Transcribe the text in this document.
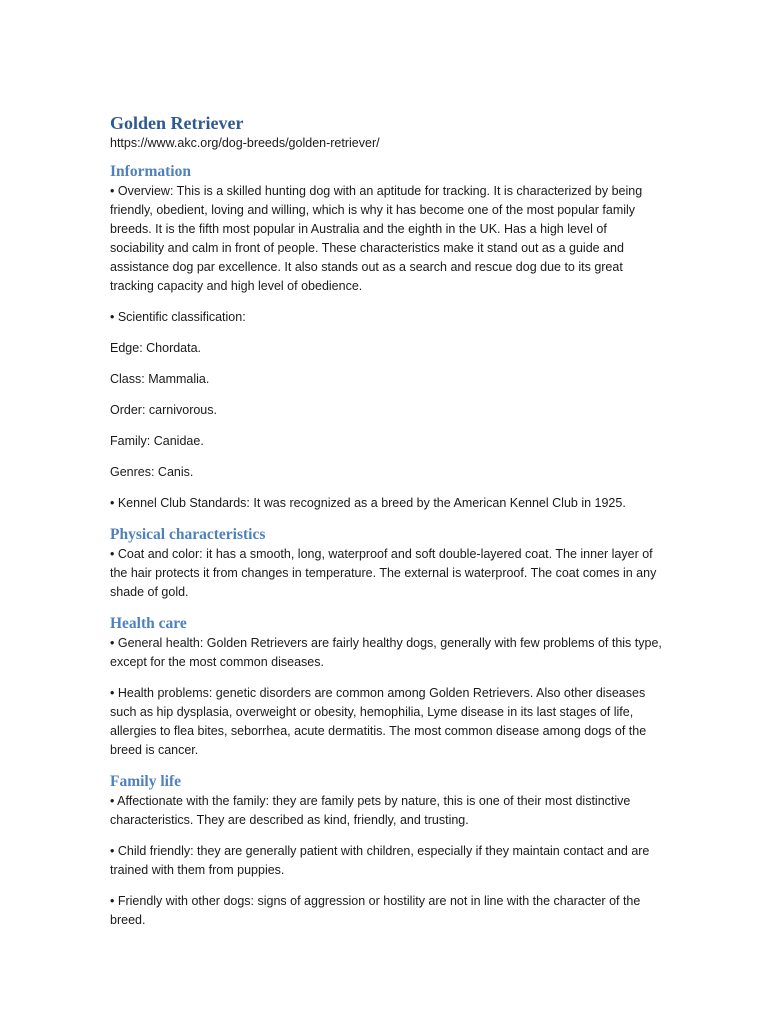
Golden Retriever

https://www.akc.org/dog-breeds/golden-retriever/

Information

• Overview: This is a skilled hunting dog with an aptitude for tracking. It is characterized by being friendly, obedient, loving and willing, which is why it has become one of the most popular family breeds. It is the fifth most popular in Australia and the eighth in the UK. Has a high level of sociability and calm in front of people. These characteristics make it stand out as a guide and assistance dog par excellence. It also stands out as a search and rescue dog due to its great tracking capacity and high level of obedience.

• Scientific classification:

Edge: Chordata.

Class: Mammalia.

Order: carnivorous.

Family: Canidae.

Genres: Canis.

• Kennel Club Standards: It was recognized as a breed by the American Kennel Club in 1925.

Physical characteristics

• Coat and color: it has a smooth, long, waterproof and soft double-layered coat. The inner layer of the hair protects it from changes in temperature. The external is waterproof. The coat comes in any shade of gold.

Health care

• General health: Golden Retrievers are fairly healthy dogs, generally with few problems of this type, except for the most common diseases.

• Health problems: genetic disorders are common among Golden Retrievers. Also other diseases such as hip dysplasia, overweight or obesity, hemophilia, Lyme disease in its last stages of life, allergies to flea bites, seborrhea, acute dermatitis. The most common disease among dogs of the breed is cancer.

Family life

• Affectionate with the family: they are family pets by nature, this is one of their most distinctive characteristics. They are described as kind, friendly, and trusting.

• Child friendly: they are generally patient with children, especially if they maintain contact and are trained with them from puppies.

• Friendly with other dogs: signs of aggression or hostility are not in line with the character of the breed.
